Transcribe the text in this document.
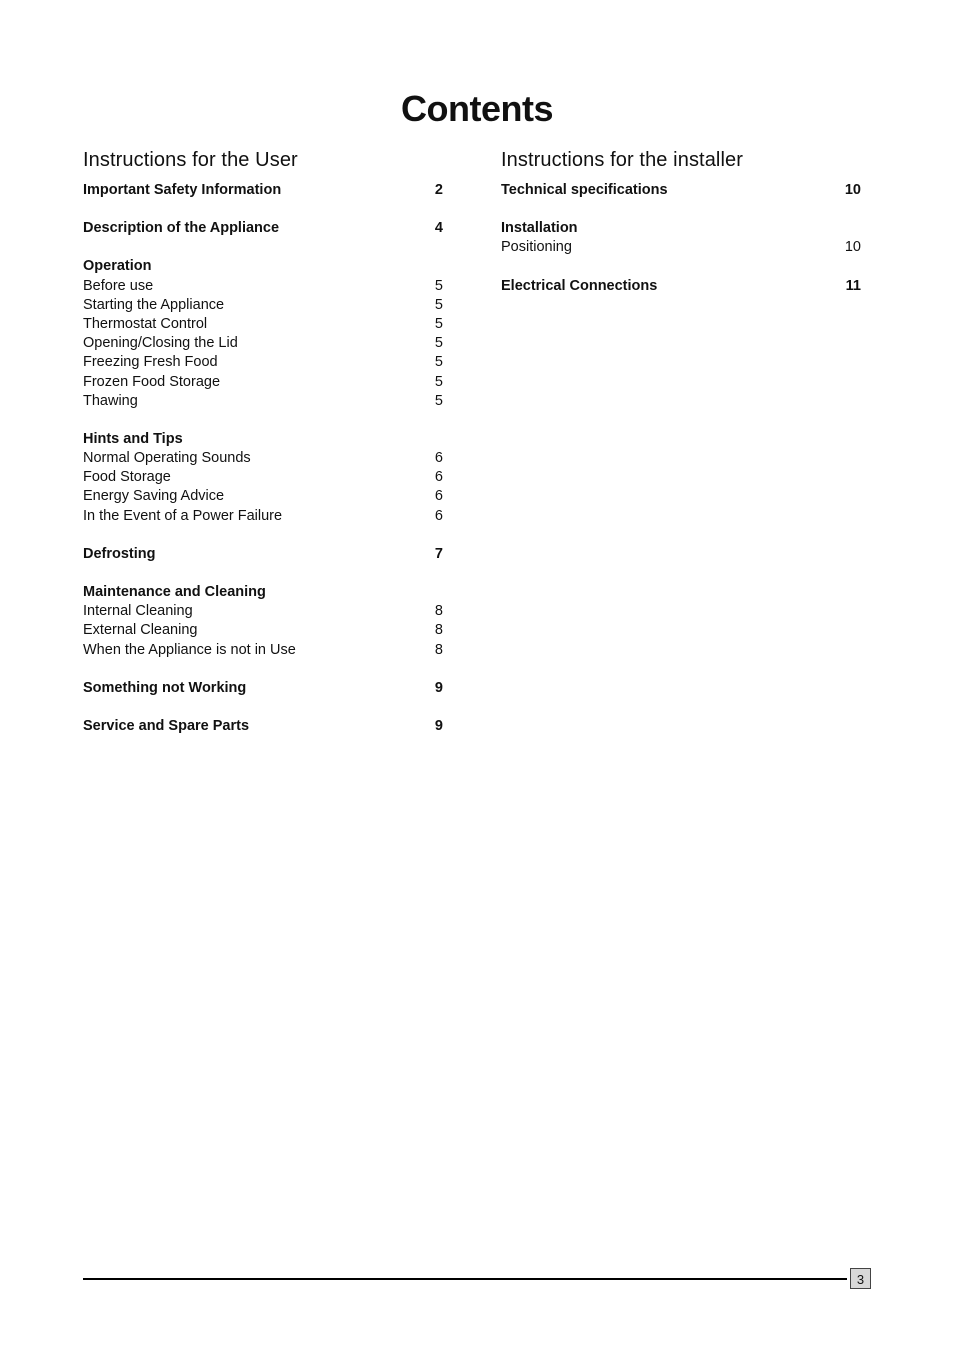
Contents
Instructions for the User
Important Safety Information	2
Description of the Appliance	4
Operation
Before use	5
Starting the Appliance	5
Thermostat Control	5
Opening/Closing the Lid	5
Freezing Fresh Food	5
Frozen Food Storage	5
Thawing	5
Hints and Tips
Normal Operating Sounds	6
Food Storage	6
Energy Saving Advice	6
In the Event of a Power Failure	6
Defrosting	7
Maintenance and Cleaning
Internal Cleaning	8
External Cleaning	8
When the Appliance is not in Use	8
Something not Working	9
Service and Spare Parts	9
Instructions for the installer
Technical specifications	10
Installation
Positioning	10
Electrical Connections	11
3
